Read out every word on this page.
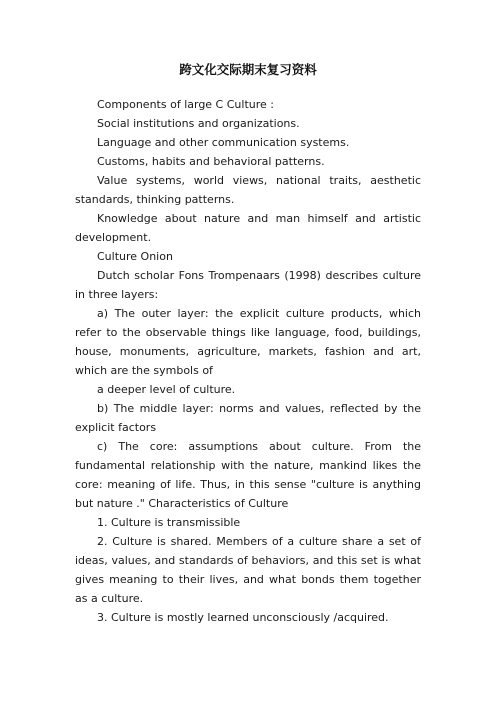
跨文化交际期末复习资料

Components of large C Culture :

Social institutions and organizations.

Language and other communication systems.

Customs, habits and behavioral patterns.

Value systems, world views, national traits, aesthetic standards, thinking patterns.

Knowledge about nature and man himself and artistic development.

Culture Onion

Dutch scholar Fons Trompenaars (1998) describes culture in three layers:

a) The outer layer: the explicit culture products, which refer to the observable things like language, food, buildings, house, monuments, agriculture, markets, fashion and art, which are the symbols of

a deeper level of culture.

b) The middle layer: norms and values, reflected by the explicit factors

c) The core: assumptions about culture. From the fundamental relationship with the nature, mankind likes the core: meaning of life. Thus, in this sense "culture is anything but nature ." Characteristics of Culture

1. Culture is transmissible

2. Culture is shared. Members of a culture share a set of ideas, values, and standards of behaviors, and this set is what gives meaning to their lives, and what bonds them together as a culture.

3. Culture is mostly learned unconsciously /acquired.
